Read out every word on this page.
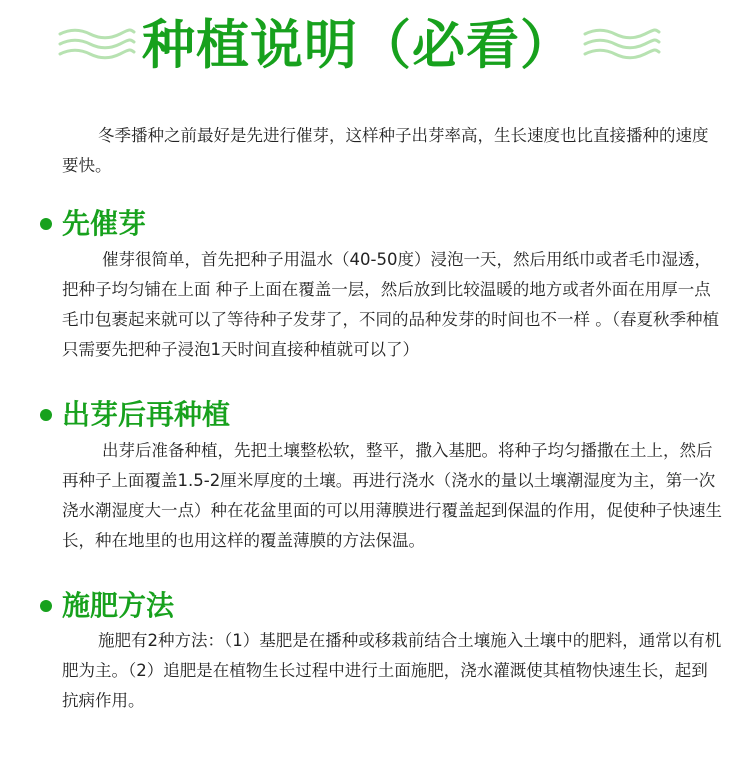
种植说明（必看）

冬季播种之前最好是先进行催芽，这样种子出芽率高，生长速度也比直接播种的速度要快。

先催芽

催芽很简单，首先把种子用温水（40-50度）浸泡一天，然后用纸巾或者毛巾湿透，把种子均匀铺在上面 种子上面在覆盖一层，然后放到比较温暖的地方或者外面在用厚一点毛巾包裹起来就可以了等待种子发芽了，不同的品种发芽的时间也不一样 。（春夏秋季种植只需要先把种子浸泡1天时间直接种植就可以了）

出芽后再种植

出芽后准备种植，先把土壤整松软，整平，撒入基肥。将种子均匀播撒在土上，然后再种子上面覆盖1.5-2厘米厚度的土壤。再进行浇水（浇水的量以土壤潮湿度为主，第一次浇水潮湿度大一点）种在花盆里面的可以用薄膜进行覆盖起到保温的作用，促使种子快速生长，种在地里的也用这样的覆盖薄膜的方法保温。

施肥方法

施肥有2种方法：（1）基肥是在播种或移栽前结合土壤施入土壤中的肥料，通常以有机肥为主。（2）追肥是在植物生长过程中进行土面施肥，浇水灌溉使其植物快速生长，起到抗病作用。
